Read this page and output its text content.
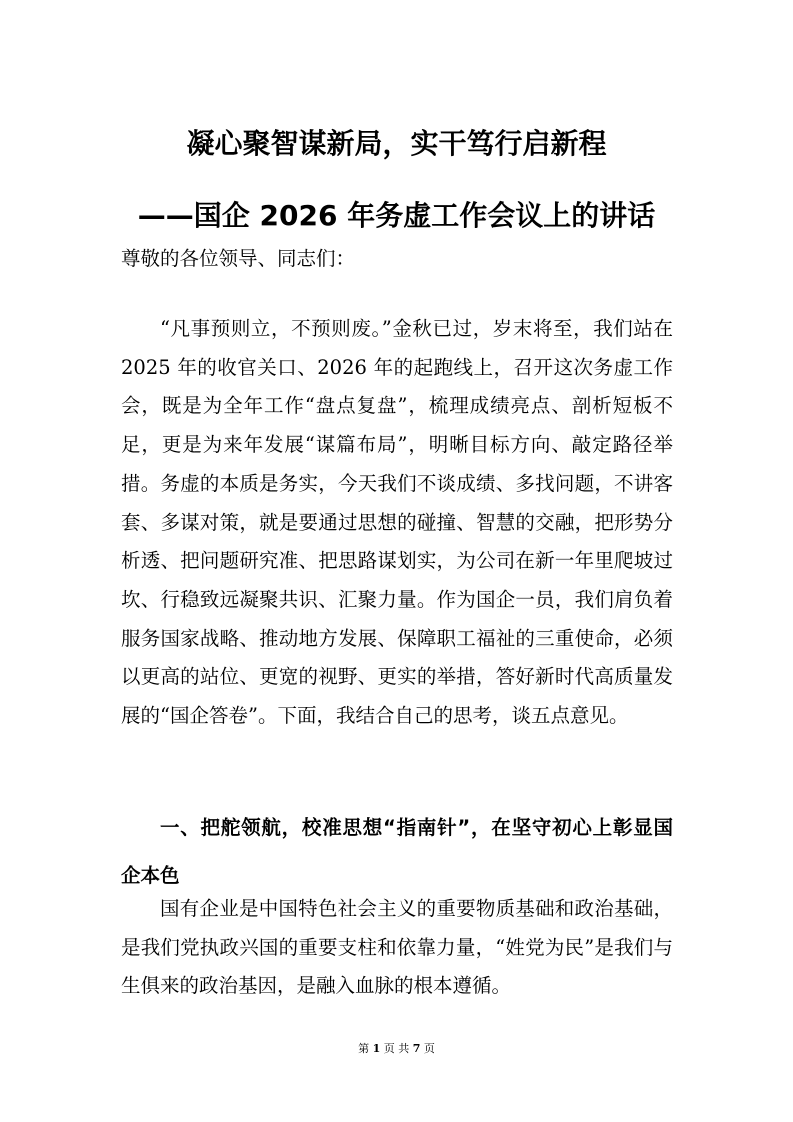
凝心聚智谋新局，实干笃行启新程
——国企 2026 年务虚工作会议上的讲话
尊敬的各位领导、同志们：

“凡事预则立，不预则废。”金秋已过，岁末将至，我们站在 2025 年的收官关口、2026 年的起跑线上，召开这次务虚工作会，既是为全年工作“盘点复盘”，梳理成绩亮点、剖析短板不足，更是为来年发展“谋篇布局”，明晰目标方向、敲定路径举措。务虚的本质是务实，今天我们不谈成绩、多找问题，不讲客套、多谋对策，就是要通过思想的碰撞、智慧的交融，把形势分析透、把问题研究准、把思路谋划实，为公司在新一年里爬坡过坎、行稳致远凝聚共识、汇聚力量。作为国企一员，我们肩负着服务国家战略、推动地方发展、保障职工福祉的三重使命，必须以更高的站位、更宽的视野、更实的举措，答好新时代高质量发展的“国企答卷”。下面，我结合自己的思考，谈五点意见。

一、把舵领航，校准思想“指南针”，在坚守初心上彰显国企本色

国有企业是中国特色社会主义的重要物质基础和政治基础，是我们党执政兴国的重要支柱和依靠力量，“姓党为民”是我们与生俱来的政治基因，是融入血脉的根本遵循。

第 1 页 共 7 页
